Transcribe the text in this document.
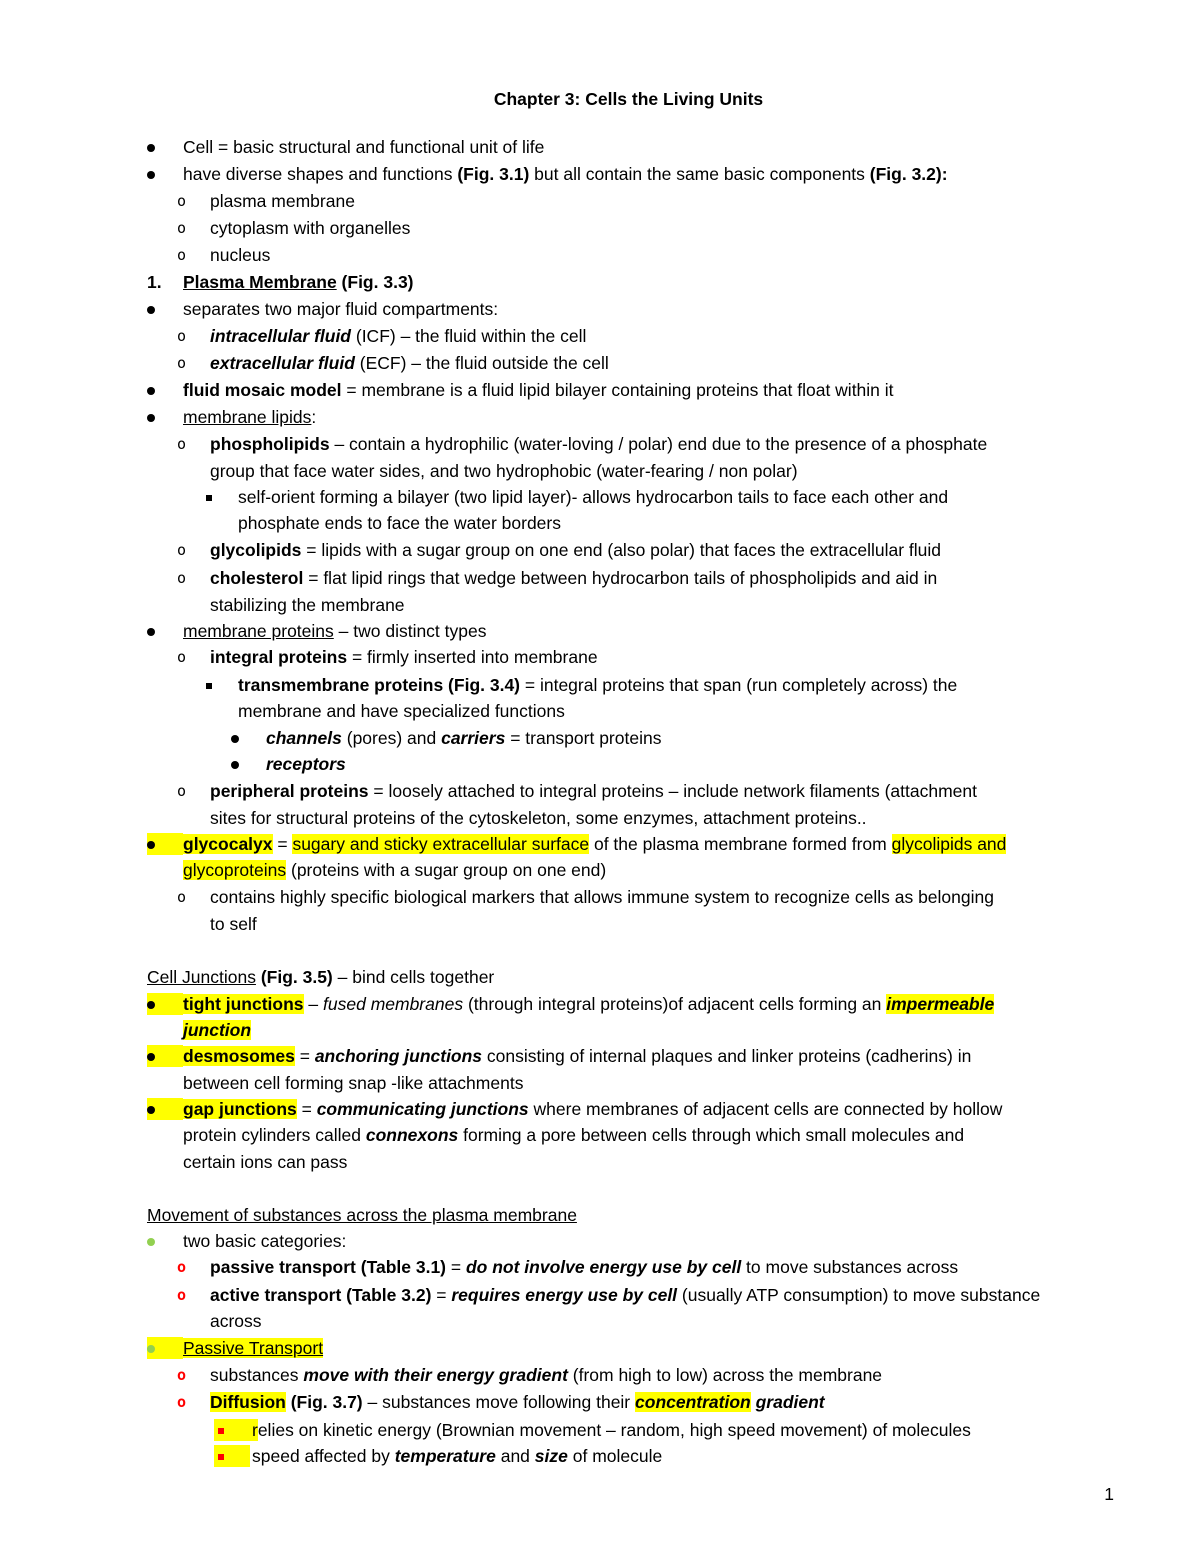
Chapter 3: Cells the Living Units
Cell = basic structural and functional unit of life
have diverse shapes and functions (Fig. 3.1) but all contain the same basic components (Fig. 3.2):
o plasma membrane
o cytoplasm with organelles
o nucleus
1. Plasma Membrane (Fig. 3.3)
separates two major fluid compartments:
o intracellular fluid (ICF) – the fluid within the cell
o extracellular fluid (ECF) – the fluid outside the cell
fluid mosaic model = membrane is a fluid lipid bilayer containing proteins that float within it
membrane lipids:
o phospholipids – contain a hydrophilic (water-loving / polar) end due to the presence of a phosphate
group that face water sides, and two hydrophobic (water-fearing / non polar)
self-orient forming a bilayer (two lipid layer)- allows hydrocarbon tails to face each other and
phosphate ends to face the water borders
o glycolipids = lipids with a sugar group on one end (also polar) that faces the extracellular fluid
o cholesterol = flat lipid rings that wedge between hydrocarbon tails of phospholipids and aid in
stabilizing the membrane
membrane proteins – two distinct types
o integral proteins = firmly inserted into membrane
transmembrane proteins (Fig. 3.4) = integral proteins that span (run completely across) the
membrane and have specialized functions
channels (pores) and carriers = transport proteins
receptors
o peripheral proteins = loosely attached to integral proteins – include network filaments (attachment
sites for structural proteins of the cytoskeleton, some enzymes, attachment proteins..
glycocalyx = sugary and sticky extracellular surface of the plasma membrane formed from glycolipids and
glycoproteins (proteins with a sugar group on one end)
o contains highly specific biological markers that allows immune system to recognize cells as belonging
to self
Cell Junctions (Fig. 3.5) – bind cells together
tight junctions – fused membranes (through integral proteins)of adjacent cells forming an impermeable
junction
desmosomes = anchoring junctions consisting of internal plaques and linker proteins (cadherins) in
between cell forming snap -like attachments
gap junctions = communicating junctions where membranes of adjacent cells are connected by hollow
protein cylinders called connexons forming a pore between cells through which small molecules and
certain ions can pass
Movement of substances across the plasma membrane
two basic categories:
o passive transport (Table 3.1) = do not involve energy use by cell to move substances across
o active transport (Table 3.2) = requires energy use by cell (usually ATP consumption) to move substance
across
Passive Transport
o substances move with their energy gradient (from high to low) across the membrane
o Diffusion (Fig. 3.7) – substances move following their concentration gradient
relies on kinetic energy (Brownian movement – random, high speed movement) of molecules
speed affected by temperature and size of molecule
1
